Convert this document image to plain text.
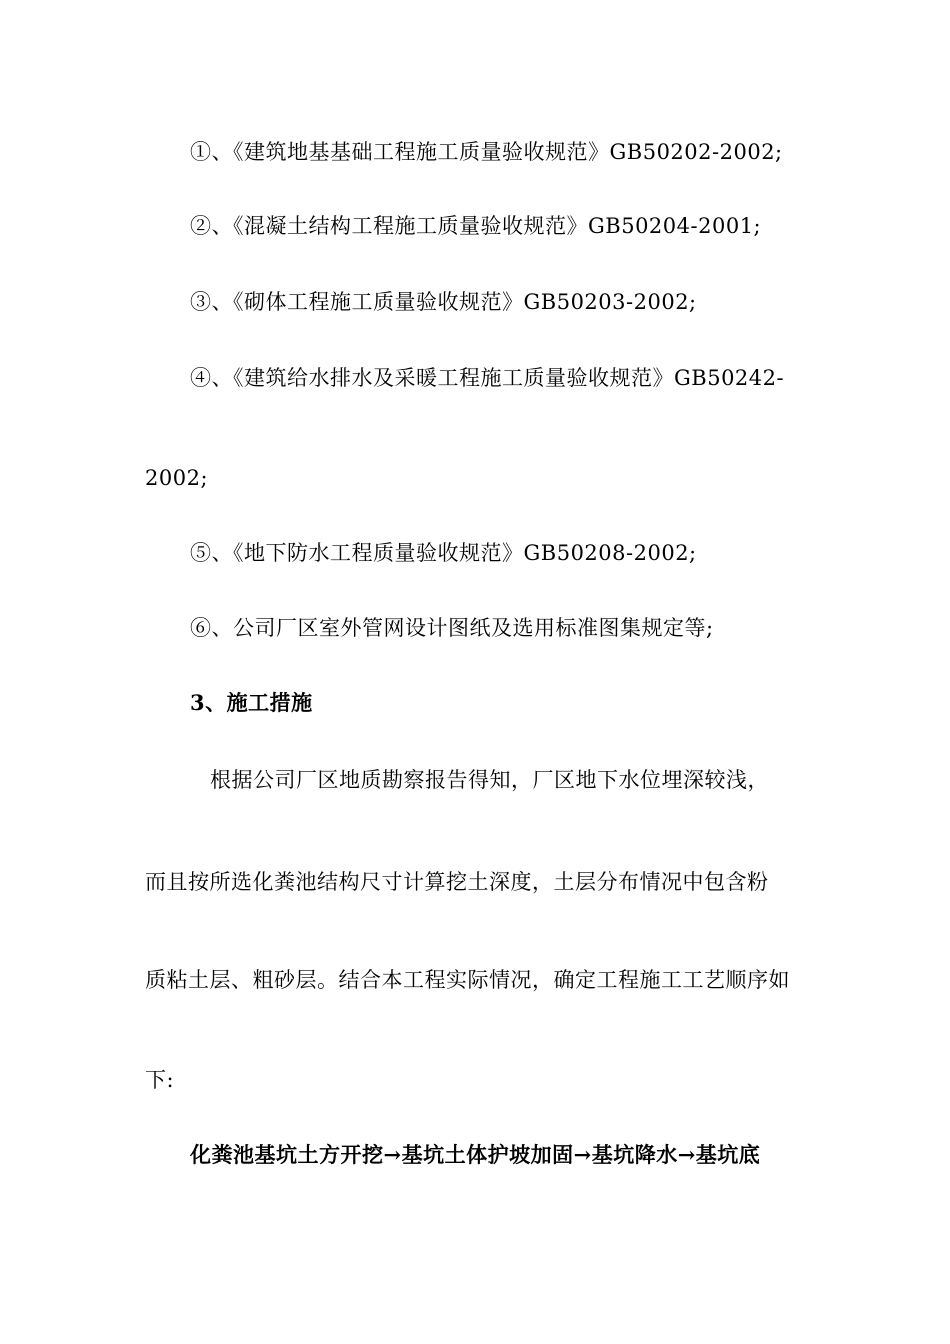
①、《建筑地基基础工程施工质量验收规范》GB50202-2002;
②、《混凝土结构工程施工质量验收规范》GB50204-2001;
③、《砌体工程施工质量验收规范》GB50203-2002;
④、《建筑给水排水及采暖工程施工质量验收规范》GB50242-
2002;
⑤、《地下防水工程质量验收规范》GB50208-2002;
⑥、公司厂区室外管网设计图纸及选用标准图集规定等;
3、施工措施
根据公司厂区地质勘察报告得知，厂区地下水位埋深较浅，
而且按所选化粪池结构尺寸计算挖土深度，土层分布情况中包含粉
质粘土层、粗砂层。结合本工程实际情况，确定工程施工工艺顺序如
下:
化粪池基坑土方开挖→基坑土体护坡加固→基坑降水→基坑底
